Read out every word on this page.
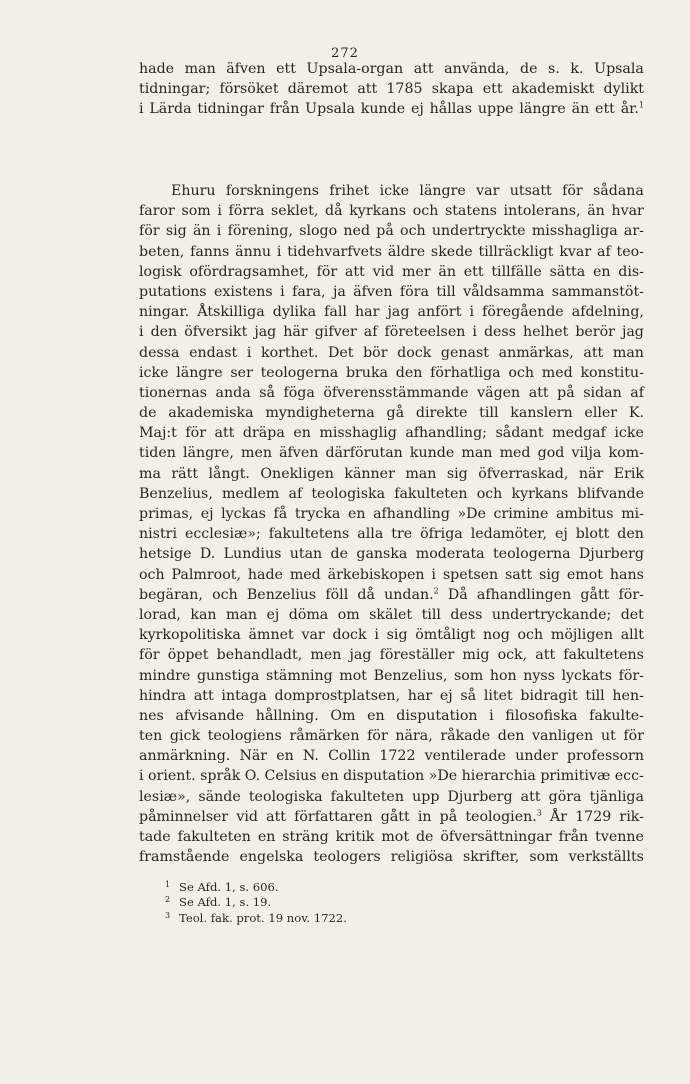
272
hade man äfven ett Upsala-organ att använda, de s. k. Upsala
tidningar; försöket däremot att 1785 skapa ett akademiskt dylikt
i Lärda tidningar från Upsala kunde ej hållas uppe längre än ett år.$^1$
Ehuru forskningens frihet icke längre var utsatt för sådana
faror som i förra seklet, då kyrkans och statens intolerans, än hvar
för sig än i förening, slogo ned på och undertryckte misshagliga ar-
beten, fanns ännu i tidehvarfvets äldre skede tillräckligt kvar af teo-
logisk ofördragsamhet, för att vid mer än ett tillfälle sätta en dis-
putations existens i fara, ja äfven föra till våldsamma sammanstöt-
ningar. Åtskilliga dylika fall har jag anfört i föregående afdelning,
i den öfversikt jag här gifver af företeelsen i dess helhet berör jag
dessa endast i korthet. Det bör dock genast anmärkas, att man
icke längre ser teologerna bruka den förhatliga och med konstitu-
tionernas anda så föga öfverensstämmande vägen att på sidan af
de akademiska myndigheterna gå direkte till kanslern eller K.
Maj:t för att dräpa en misshaglig afhandling; sådant medgaf icke
tiden längre, men äfven därförutan kunde man med god vilja kom-
ma rätt långt. Onekligen känner man sig öfverraskad, när Erik
Benzelius, medlem af teologiska fakulteten och kyrkans blifvande
primas, ej lyckas få trycka en afhandling »De crimine ambitus mi-
nistri ecclesiæ»; fakultetens alla tre öfriga ledamöter, ej blott den
hetsige D. Lundius utan de ganska moderata teologerna Djurberg
och Palmroot, hade med ärkebiskopen i spetsen satt sig emot hans
begäran, och Benzelius föll då undan.$^2$ Då afhandlingen gått för-
lorad, kan man ej döma om skälet till dess undertryckande; det
kyrkopolitiska ämnet var dock i sig ömtåligt nog och möjligen allt
för öppet behandladt, men jag föreställer mig ock, att fakultetens
mindre gunstiga stämning mot Benzelius, som hon nyss lyckats för-
hindra att intaga domprostplatsen, har ej så litet bidragit till hen-
nes afvisande hållning. Om en disputation i filosofiska fakulte-
ten gick teologiens råmärken för nära, råkade den vanligen ut för
anmärkning. När en N. Collin 1722 ventilerade under professorn
i orient. språk O. Celsius en disputation »De hierarchia primitivæ ecc-
lesiæ», sände teologiska fakulteten upp Djurberg att göra tjänliga
påminnelser vid att författaren gått in på teologien.$^3$ År 1729 rik-
tade fakulteten en sträng kritik mot de öfversättningar från tvenne
framstående engelska teologers religiösa skrifter, som verkställts
1 Se Afd. 1, s. 606.
2 Se Afd. 1, s. 19.
3 Teol. fak. prot. 19 nov. 1722.
